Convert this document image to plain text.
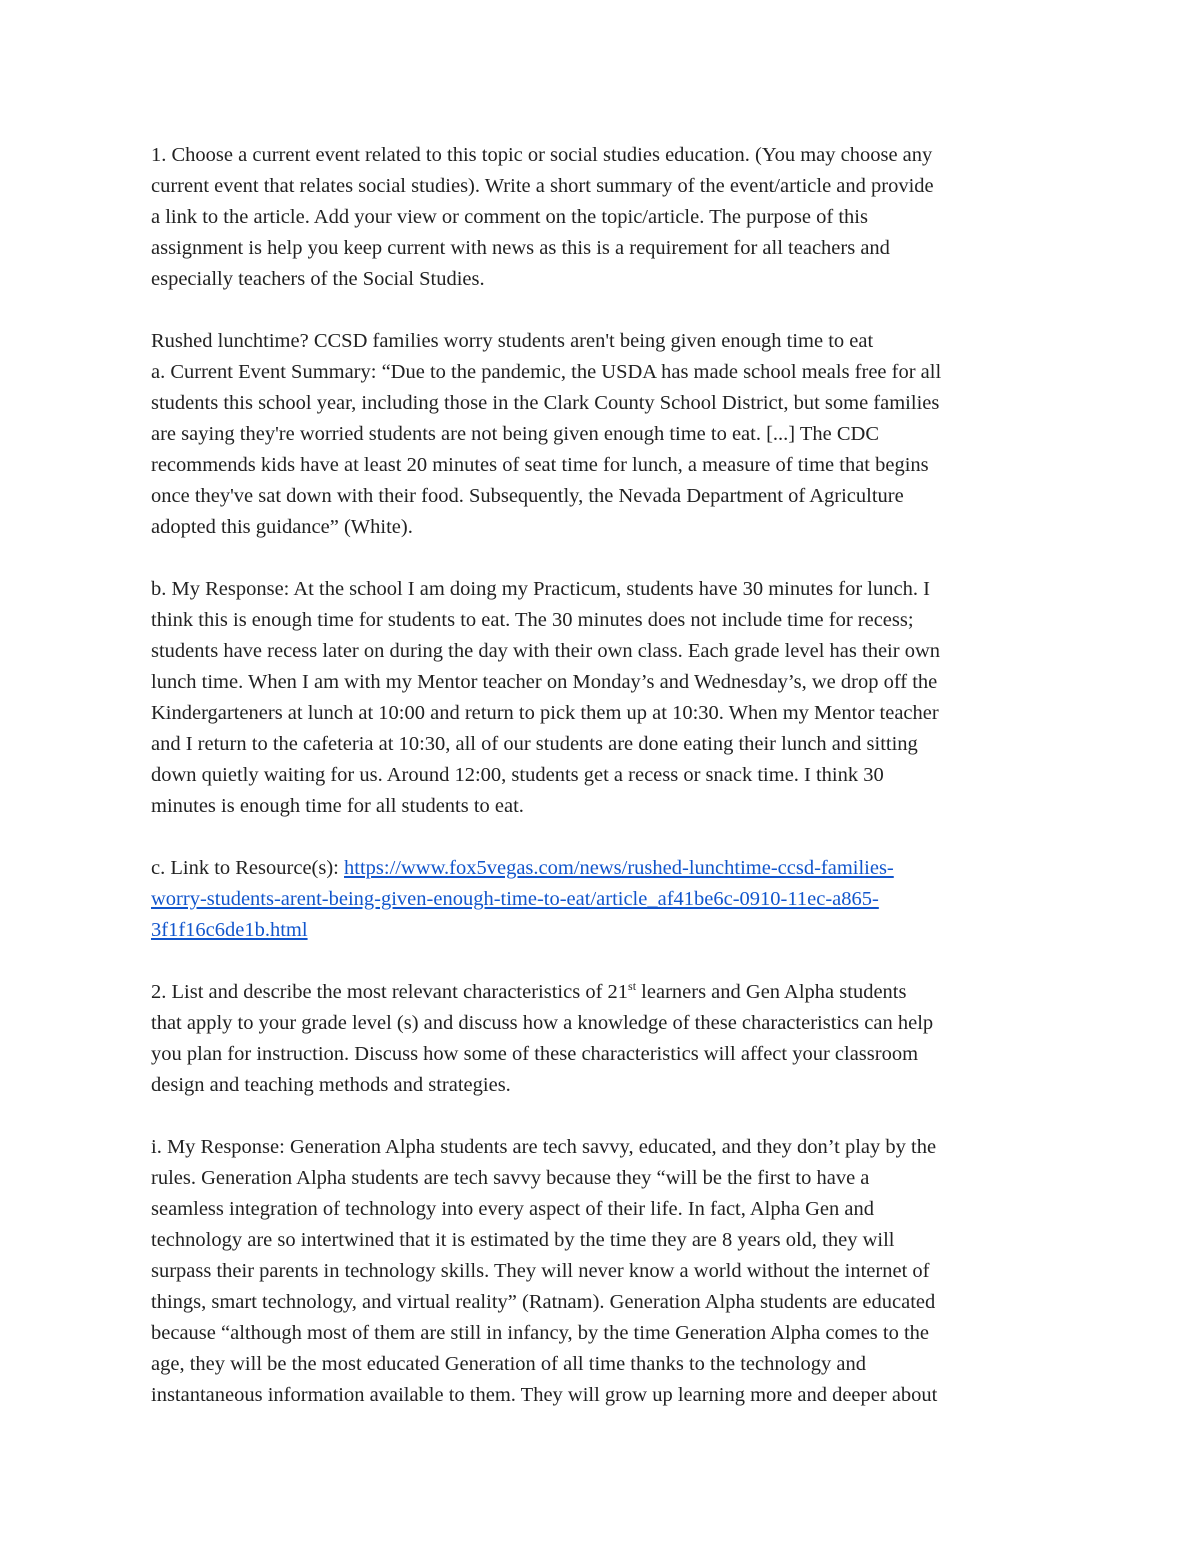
1. Choose a current event related to this topic or social studies education. (You may choose any
current event that relates social studies). Write a short summary of the event/article and provide
a link to the article. Add your view or comment on the topic/article. The purpose of this
assignment is help you keep current with news as this is a requirement for all teachers and
especially teachers of the Social Studies.
Rushed lunchtime? CCSD families worry students aren't being given enough time to eat
a. Current Event Summary: “Due to the pandemic, the USDA has made school meals free for all
students this school year, including those in the Clark County School District, but some families
are saying they're worried students are not being given enough time to eat. [...] The CDC
recommends kids have at least 20 minutes of seat time for lunch, a measure of time that begins
once they've sat down with their food. Subsequently, the Nevada Department of Agriculture
adopted this guidance” (White).
b. My Response: At the school I am doing my Practicum, students have 30 minutes for lunch. I
think this is enough time for students to eat. The 30 minutes does not include time for recess;
students have recess later on during the day with their own class. Each grade level has their own
lunch time. When I am with my Mentor teacher on Monday’s and Wednesday’s, we drop off the
Kindergarteners at lunch at 10:00 and return to pick them up at 10:30. When my Mentor teacher
and I return to the cafeteria at 10:30, all of our students are done eating their lunch and sitting
down quietly waiting for us. Around 12:00, students get a recess or snack time. I think 30
minutes is enough time for all students to eat.
c. Link to Resource(s): https://www.fox5vegas.com/news/rushed-lunchtime-ccsd-families-
worry-students-arent-being-given-enough-time-to-eat/article_af41be6c-0910-11ec-a865-
3f1f16c6de1b.html
2. List and describe the most relevant characteristics of 21st learners and Gen Alpha students
that apply to your grade level (s) and discuss how a knowledge of these characteristics can help
you plan for instruction. Discuss how some of these characteristics will affect your classroom
design and teaching methods and strategies.
i. My Response: Generation Alpha students are tech savvy, educated, and they don’t play by the
rules. Generation Alpha students are tech savvy because they “will be the first to have a
seamless integration of technology into every aspect of their life. In fact, Alpha Gen and
technology are so intertwined that it is estimated by the time they are 8 years old, they will
surpass their parents in technology skills. They will never know a world without the internet of
things, smart technology, and virtual reality” (Ratnam). Generation Alpha students are educated
because “although most of them are still in infancy, by the time Generation Alpha comes to the
age, they will be the most educated Generation of all time thanks to the technology and
instantaneous information available to them. They will grow up learning more and deeper about
